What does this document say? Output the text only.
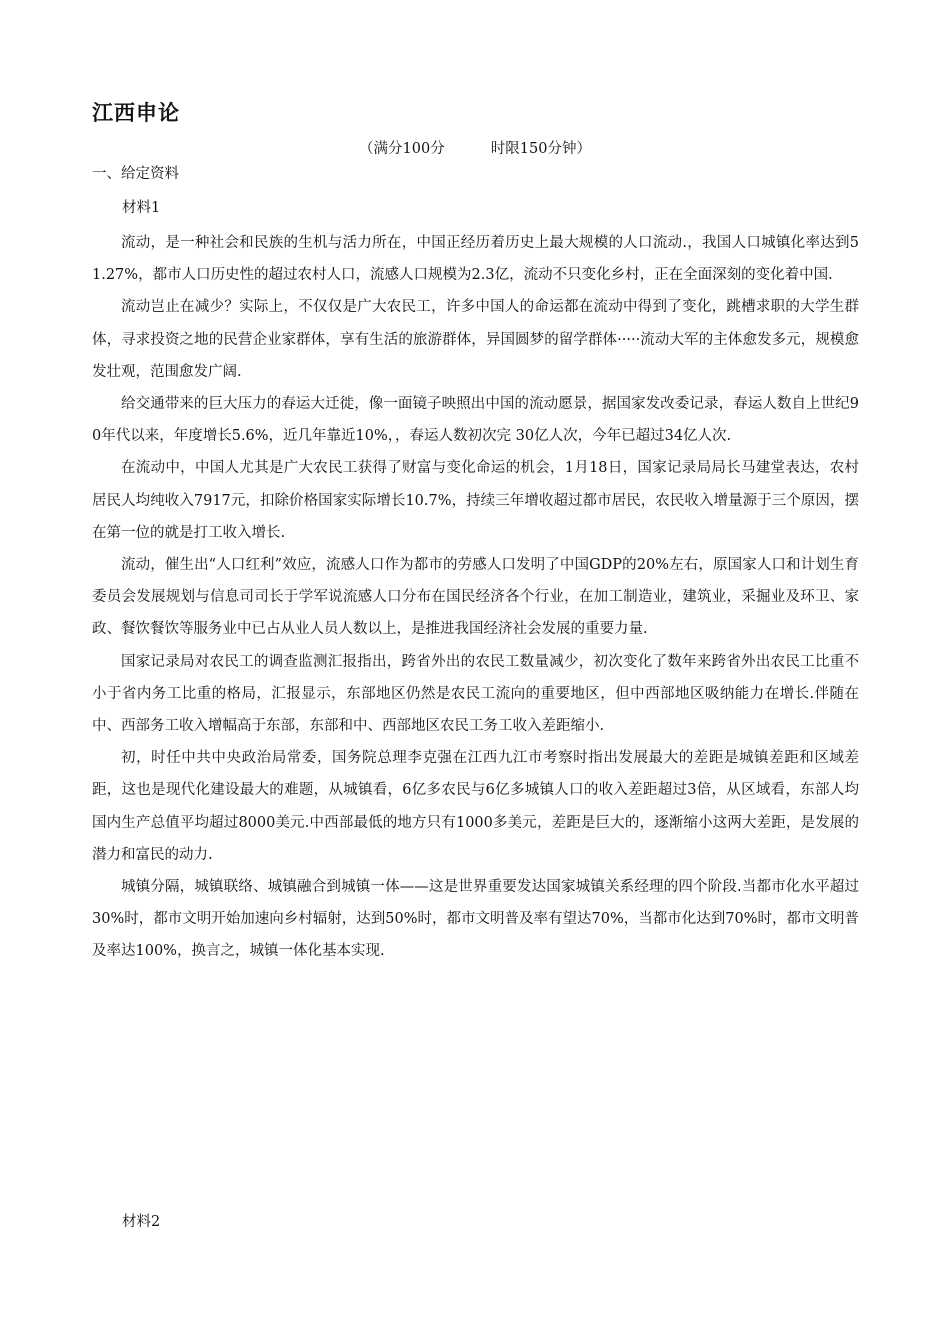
江西申论
（满分100分          时限150分钟）
一、给定资料
材料1

流动，是一种社会和民族的生机与活力所在，中国正经历着历史上最大规模的人口流动.，我国人口城镇化率达到51.27%，都市人口历史性的超过农村人口，流感人口规模为2.3亿，流动不只变化乡村，正在全面深刻的变化着中国.

流动岂止在减少？实际上，不仅仅是广大农民工，许多中国人的命运都在流动中得到了变化，跳槽求职的大学生群体，寻求投资之地的民营企业家群体，享有生活的旅游群体，异国圆梦的留学群体·····流动大军的主体愈发多元，规模愈发壮观，范围愈发广阔.

给交通带来的巨大压力的春运大迁徙，像一面镜子映照出中国的流动愿景，据国家发改委记录，春运人数自上世纪90年代以来，年度增长5.6%，近几年靠近10%，，春运人数初次完 30亿人次，今年已超过34亿人次.

在流动中，中国人尤其是广大农民工获得了财富与变化命运的机会，1月18日，国家记录局局长马建堂表达，农村居民人均纯收入7917元，扣除价格国家实际增长10.7%，持续三年增收超过都市居民，农民收入增量源于三个原因，摆在第一位的就是打工收入增长.

流动，催生出“人口红利”效应，流感人口作为都市的劳感人口发明了中国GDP的20%左右，原国家人口和计划生育委员会发展规划与信息司司长于学军说流感人口分布在国民经济各个行业，在加工制造业，建筑业，采掘业及环卫、家政、餐饮餐饮等服务业中已占从业人员人数以上，是推进我国经济社会发展的重要力量.

国家记录局对农民工的调查监测汇报指出，跨省外出的农民工数量减少，初次变化了数年来跨省外出农民工比重不小于省内务工比重的格局，汇报显示，东部地区仍然是农民工流向的重要地区，但中西部地区吸纳能力在增长.伴随在中、西部务工收入增幅高于东部，东部和中、西部地区农民工务工收入差距缩小.

初，时任中共中央政治局常委，国务院总理李克强在江西九江市考察时指出发展最大的差距是城镇差距和区域差距，这也是现代化建设最大的难题，从城镇看，6亿多农民与6亿多城镇人口的收入差距超过3倍，从区域看，东部人均国内生产总值平均超过8000美元.中西部最低的地方只有1000多美元，差距是巨大的，逐渐缩小这两大差距，是发展的潜力和富民的动力.

城镇分隔，城镇联络、城镇融合到城镇一体——这是世界重要发达国家城镇关系经理的四个阶段.当都市化水平超过30%时，都市文明开始加速向乡村辐射，达到50%时，都市文明普及率有望达70%，当都市化达到70%时，都市文明普及率达100%，换言之，城镇一体化基本实现.

材料2
